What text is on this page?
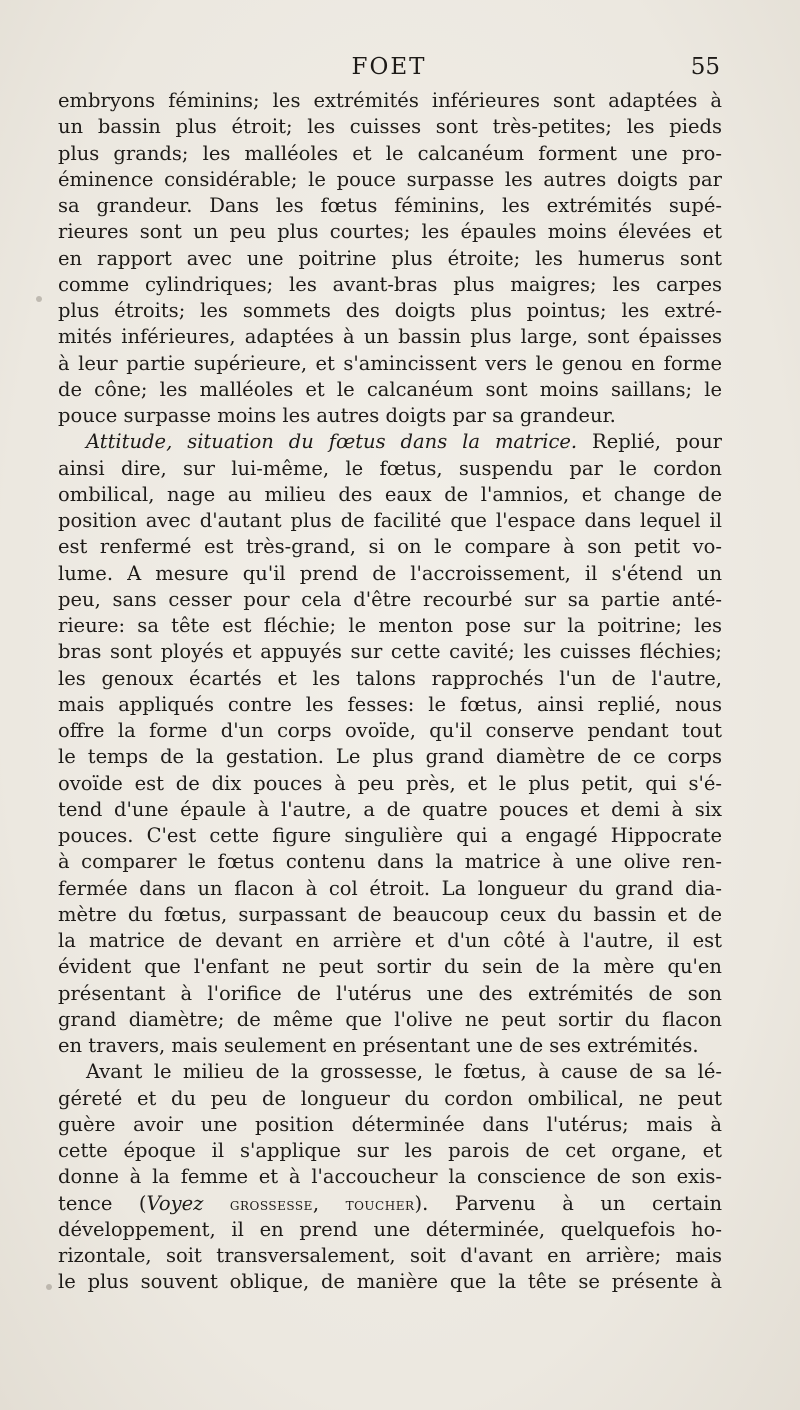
FOET	55
embryons féminins; les extrémités inférieures sont adaptées à
un bassin plus étroit; les cuisses sont très-petites; les pieds
plus grands; les malléoles et le calcanéum forment une pro-
éminence considérable; le pouce surpasse les autres doigts par
sa grandeur. Dans les fœtus féminins, les extrémités supé-
rieures sont un peu plus courtes; les épaules moins élevées et
en rapport avec une poitrine plus étroite; les humerus sont
comme cylindriques; les avant-bras plus maigres; les carpes
plus étroits; les sommets des doigts plus pointus; les extré-
mités inférieures, adaptées à un bassin plus large, sont épaisses
à leur partie supérieure, et s'amincissent vers le genou en forme
de cône; les malléoles et le calcanéum sont moins saillans; le
pouce surpasse moins les autres doigts par sa grandeur.
Attitude, situation du fœtus dans la matrice. Replié, pour
ainsi dire, sur lui-même, le fœtus, suspendu par le cordon
ombilical, nage au milieu des eaux de l'amnios, et change de
position avec d'autant plus de facilité que l'espace dans lequel il
est renfermé est très-grand, si on le compare à son petit vo-
lume. A mesure qu'il prend de l'accroissement, il s'étend un
peu, sans cesser pour cela d'être recourbé sur sa partie anté-
rieure: sa tête est fléchie; le menton pose sur la poitrine; les
bras sont ployés et appuyés sur cette cavité; les cuisses fléchies;
les genoux écartés et les talons rapprochés l'un de l'autre,
mais appliqués contre les fesses: le fœtus, ainsi replié, nous
offre la forme d'un corps ovoïde, qu'il conserve pendant tout
le temps de la gestation. Le plus grand diamètre de ce corps
ovoïde est de dix pouces à peu près, et le plus petit, qui s'é-
tend d'une épaule à l'autre, a de quatre pouces et demi à six
pouces. C'est cette figure singulière qui a engagé Hippocrate
à comparer le fœtus contenu dans la matrice à une olive ren-
fermée dans un flacon à col étroit. La longueur du grand dia-
mètre du fœtus, surpassant de beaucoup ceux du bassin et de
la matrice de devant en arrière et d'un côté à l'autre, il est
évident que l'enfant ne peut sortir du sein de la mère qu'en
présentant à l'orifice de l'utérus une des extrémités de son
grand diamètre; de même que l'olive ne peut sortir du flacon
en travers, mais seulement en présentant une de ses extrémités.
Avant le milieu de la grossesse, le fœtus, à cause de sa lé-
géreté et du peu de longueur du cordon ombilical, ne peut
guère avoir une position déterminée dans l'utérus; mais à
cette époque il s'applique sur les parois de cet organe, et
donne à la femme et à l'accoucheur la conscience de son exis-
tence (Voyez grossesse, toucher). Parvenu à un certain
développement, il en prend une déterminée, quelquefois ho-
rizontale, soit transversalement, soit d'avant en arrière; mais
le plus souvent oblique, de manière que la tête se présente à
